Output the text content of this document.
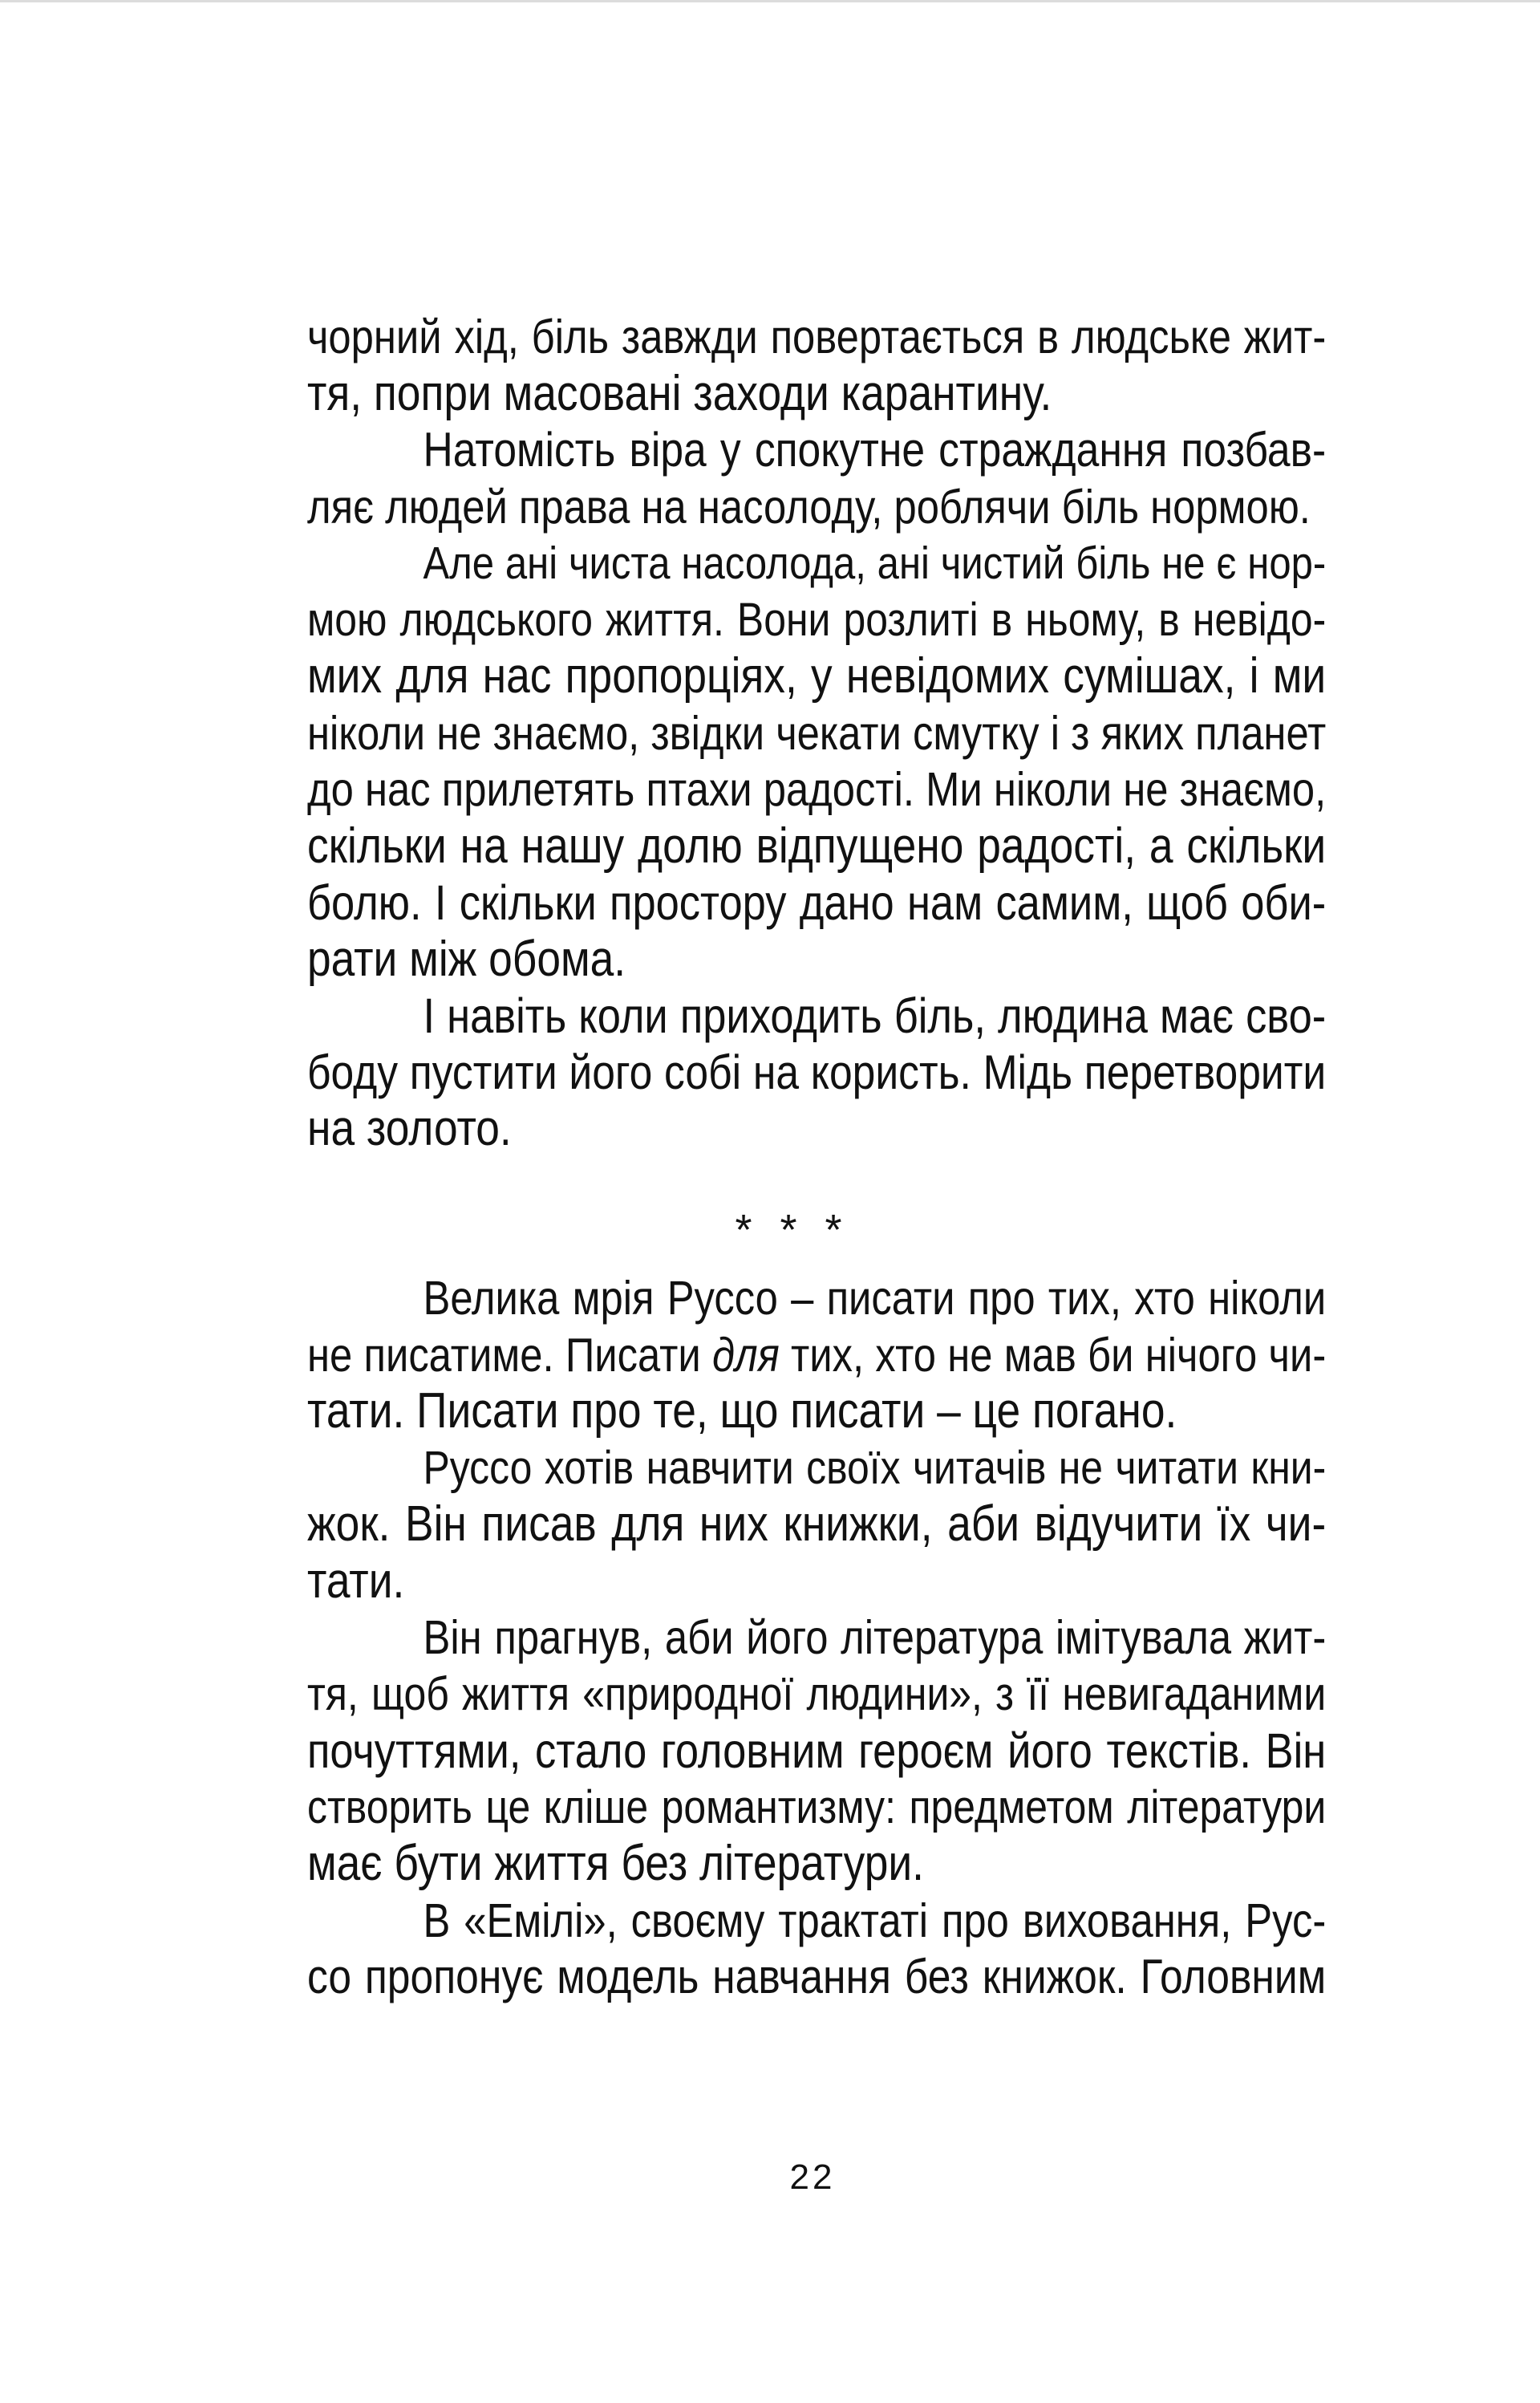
чорний хід, біль завжди повертається в людське жит-
тя, попри масовані заходи карантину.
Натомість віра у спокутне страждання позбав-
ляє людей права на насолоду, роблячи біль нормою.
Але ані чиста насолода, ані чистий біль не є нор-
мою людського життя. Вони розлиті в ньому, в невідо-
мих для нас пропорціях, у невідомих сумішах, і ми
ніколи не знаємо, звідки чекати смутку і з яких планет
до нас прилетять птахи радості. Ми ніколи не знаємо,
скільки на нашу долю відпущено радості, а скільки
болю. І скільки простору дано нам самим, щоб оби-
рати між обома.
І навіть коли приходить біль, людина має сво-
боду пустити його собі на користь. Мідь перетворити
на золото.
* * *
Велика мрія Руссо – писати про тих, хто ніколи
не писатиме. Писати для тих, хто не мав би нічого чи-
тати. Писати про те, що писати – це погано.
Руссо хотів навчити своїх читачів не читати кни-
жок. Він писав для них книжки, аби відучити їх чи-
тати.
Він прагнув, аби його література імітувала жит-
тя, щоб життя «природної людини», з її невигаданими
почуттями, стало головним героєм його текстів. Він
створить це кліше романтизму: предметом літератури
має бути життя без літератури.
В «Емілі», своєму трактаті про виховання, Рус-
со пропонує модель навчання без книжок. Головним
22
